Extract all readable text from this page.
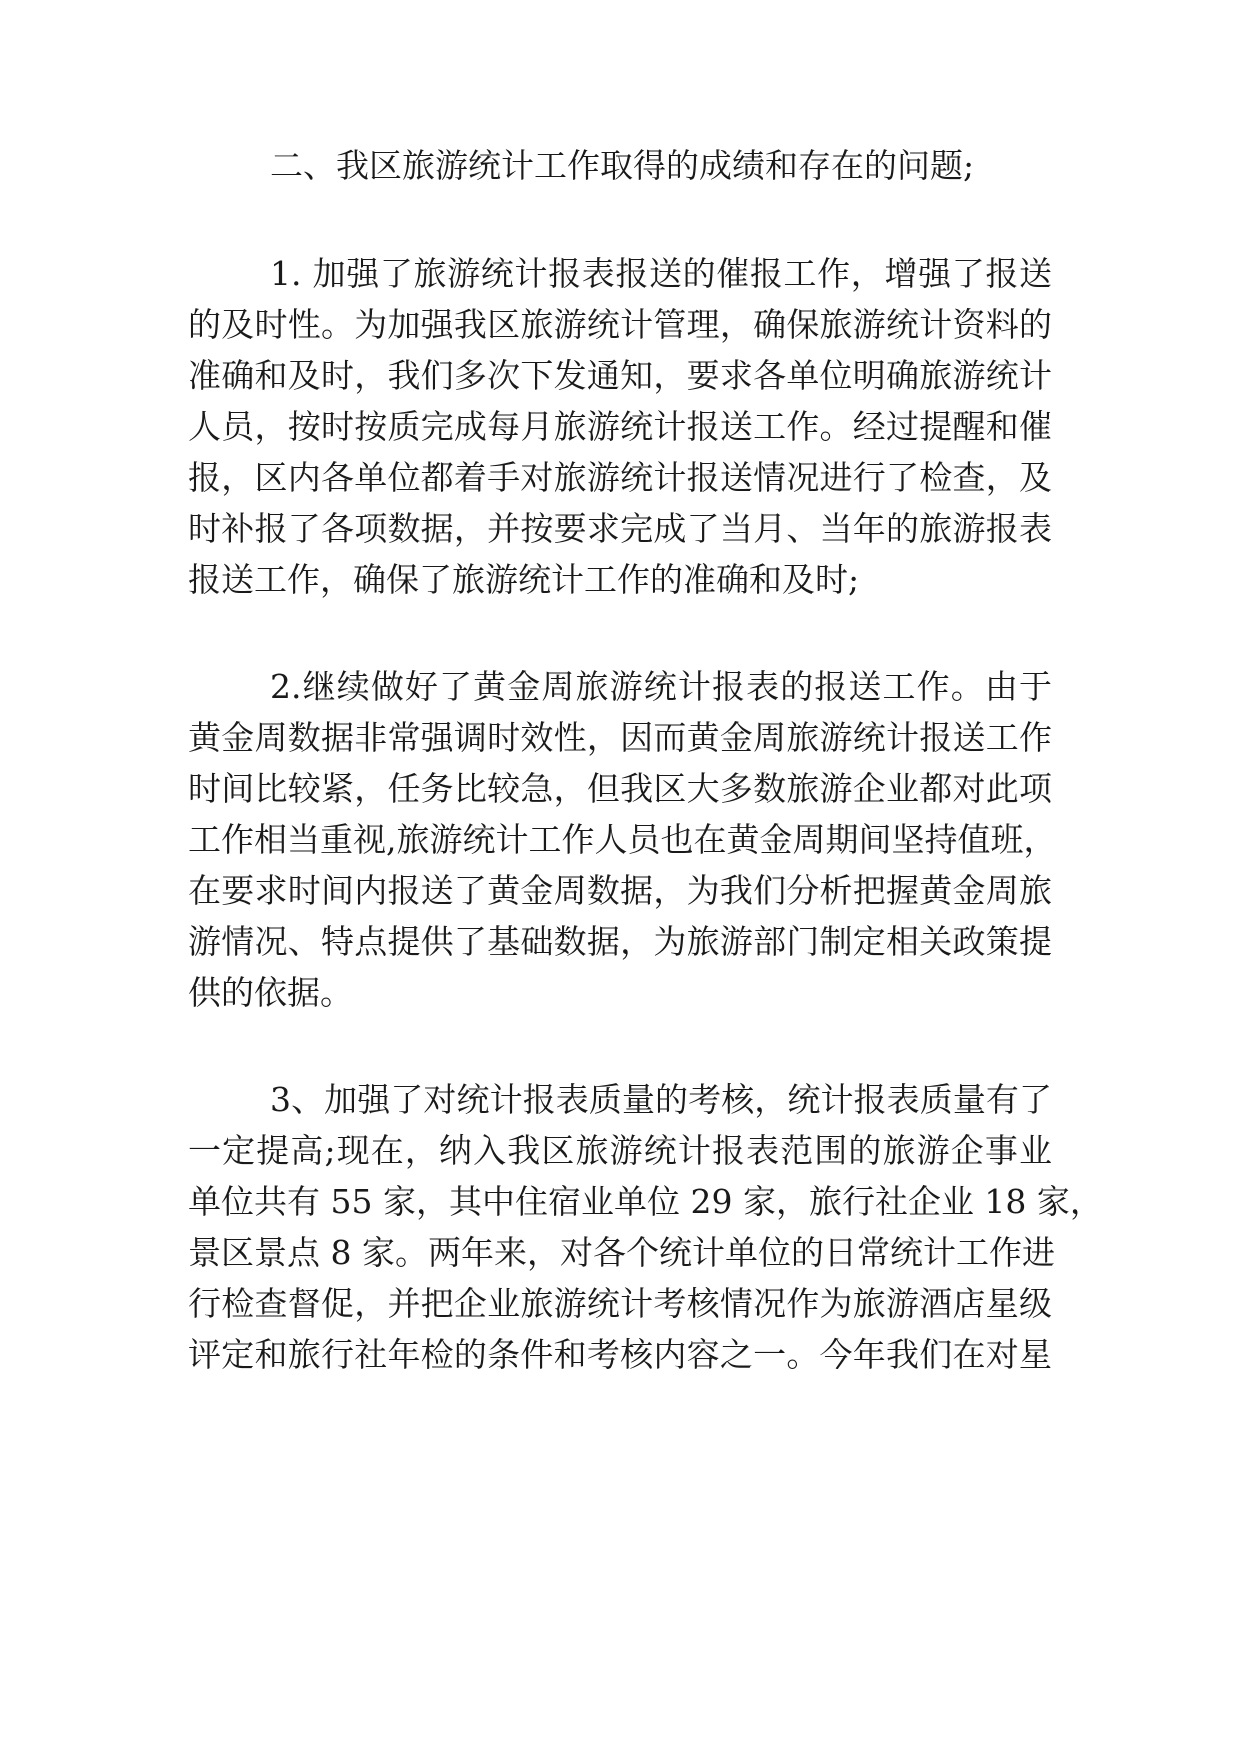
二、我区旅游统计工作取得的成绩和存在的问题;
1. 加强了旅游统计报表报送的催报工作，增强了报送
的及时性。为加强我区旅游统计管理，确保旅游统计资料的
准确和及时，我们多次下发通知，要求各单位明确旅游统计
人员，按时按质完成每月旅游统计报送工作。经过提醒和催
报，区内各单位都着手对旅游统计报送情况进行了检查，及
时补报了各项数据，并按要求完成了当月、当年的旅游报表
报送工作，确保了旅游统计工作的准确和及时;
2.继续做好了黄金周旅游统计报表的报送工作。由于
黄金周数据非常强调时效性，因而黄金周旅游统计报送工作
时间比较紧，任务比较急，但我区大多数旅游企业都对此项
工作相当重视,旅游统计工作人员也在黄金周期间坚持值班，
在要求时间内报送了黄金周数据，为我们分析把握黄金周旅
游情况、特点提供了基础数据，为旅游部门制定相关政策提
供的依据。
3、加强了对统计报表质量的考核，统计报表质量有了
一定提高;现在，纳入我区旅游统计报表范围的旅游企事业
单位共有 55 家，其中住宿业单位 29 家，旅行社企业 18 家，
景区景点 8 家。两年来，对各个统计单位的日常统计工作进
行检查督促，并把企业旅游统计考核情况作为旅游酒店星级
评定和旅行社年检的条件和考核内容之一。今年我们在对星
